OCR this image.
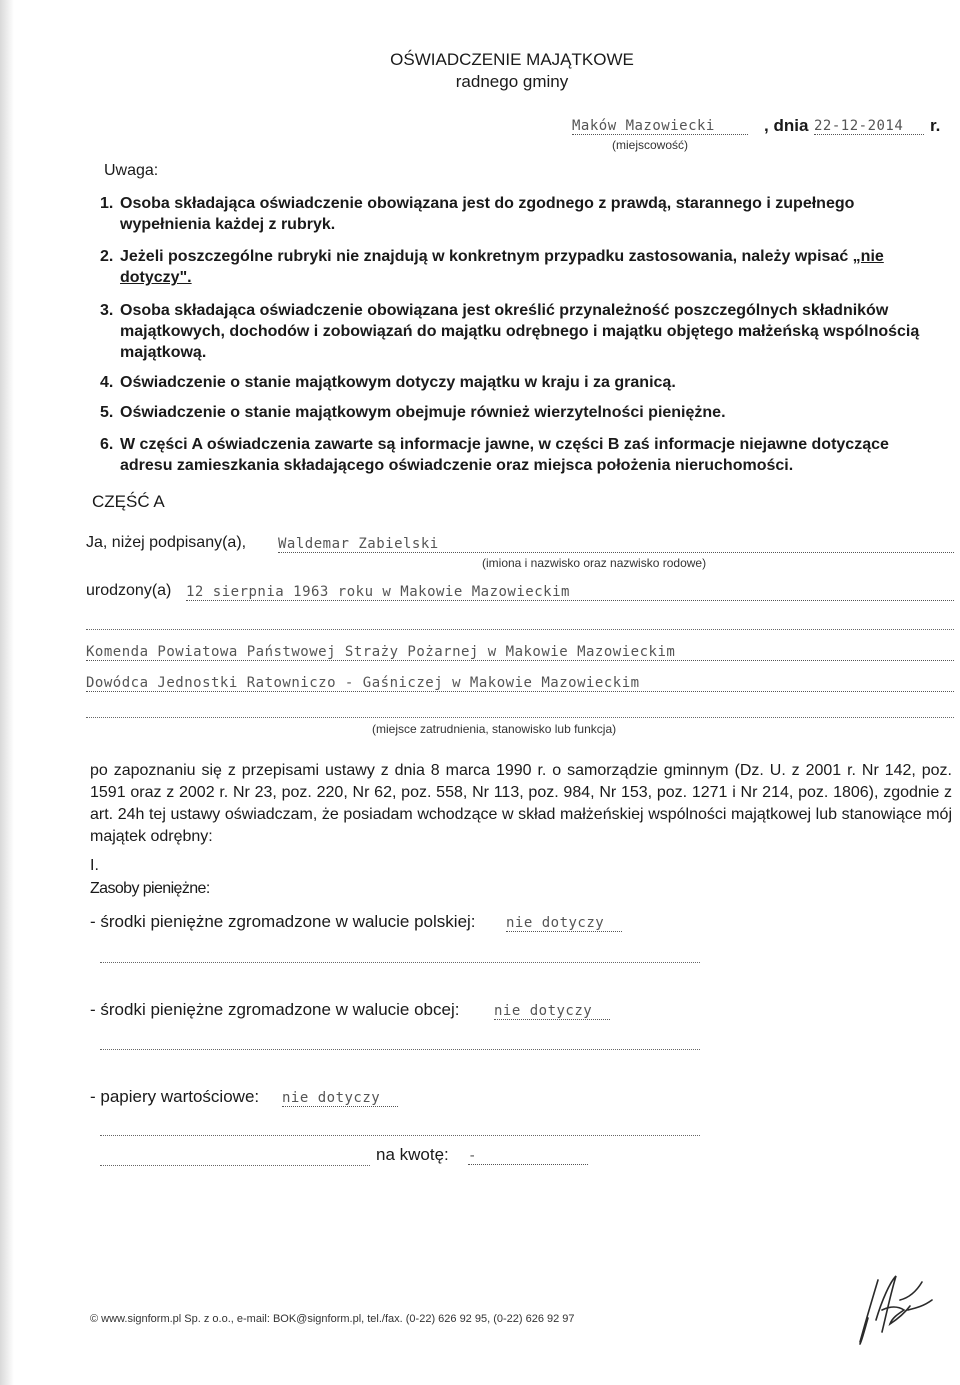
OŚWIADCZENIE MAJĄTKOWE
radnego gminy
Maków Mazowiecki	, dnia 22-12-2014	r.
(miejscowość)
Uwaga:
1. Osoba składająca oświadczenie obowiązana jest do zgodnego z prawdą, starannego i zupełnego wypełnienia każdej z rubryk.
2. Jeżeli poszczególne rubryki nie znajdują w konkretnym przypadku zastosowania, należy wpisać „nie dotyczy".
3. Osoba składająca oświadczenie obowiązana jest określić przynależność poszczególnych składników majątkowych, dochodów i zobowiązań do majątku odrębnego i majątku objętego małżeńską wspólnością majątkową.
4. Oświadczenie o stanie majątkowym dotyczy majątku w kraju i za granicą.
5. Oświadczenie o stanie majątkowym obejmuje również wierzytelności pieniężne.
6. W części A oświadczenia zawarte są informacje jawne, w części B zaś informacje niejawne dotyczące adresu zamieszkania składającego oświadczenie oraz miejsca położenia nieruchomości.
CZĘŚĆ A
Ja, niżej podpisany(a), Waldemar Zabielski
(imiona i nazwisko oraz nazwisko rodowe)
urodzony(a) 12 sierpnia 1963 roku w Makowie Mazowieckim
Komenda Powiatowa Państwowej Straży Pożarnej w Makowie Mazowieckim
Dowódca Jednostki Ratowniczo - Gaśniczej w Makowie Mazowieckim
(miejsce zatrudnienia, stanowisko lub funkcja)
po zapoznaniu się z przepisami ustawy z dnia 8 marca 1990 r. o samorządzie gminnym (Dz. U. z 2001 r. Nr 142, poz. 1591 oraz z 2002 r. Nr 23, poz. 220, Nr 62, poz. 558, Nr 113, poz. 984, Nr 153, poz. 1271 i Nr 214, poz. 1806), zgodnie z art. 24h tej ustawy oświadczam, że posiadam wchodzące w skład małżeńskiej wspólności majątkowej lub stanowiące mój majątek odrębny:
I.
Zasoby pieniężne:
- środki pieniężne zgromadzone w walucie polskiej: nie dotyczy
- środki pieniężne zgromadzone w walucie obcej: nie dotyczy
- papiery wartościowe: nie dotyczy
na kwotę: -
© www.signform.pl Sp. z o.o., e-mail: BOK@signform.pl, tel./fax. (0-22) 626 92 95, (0-22) 626 92 97
